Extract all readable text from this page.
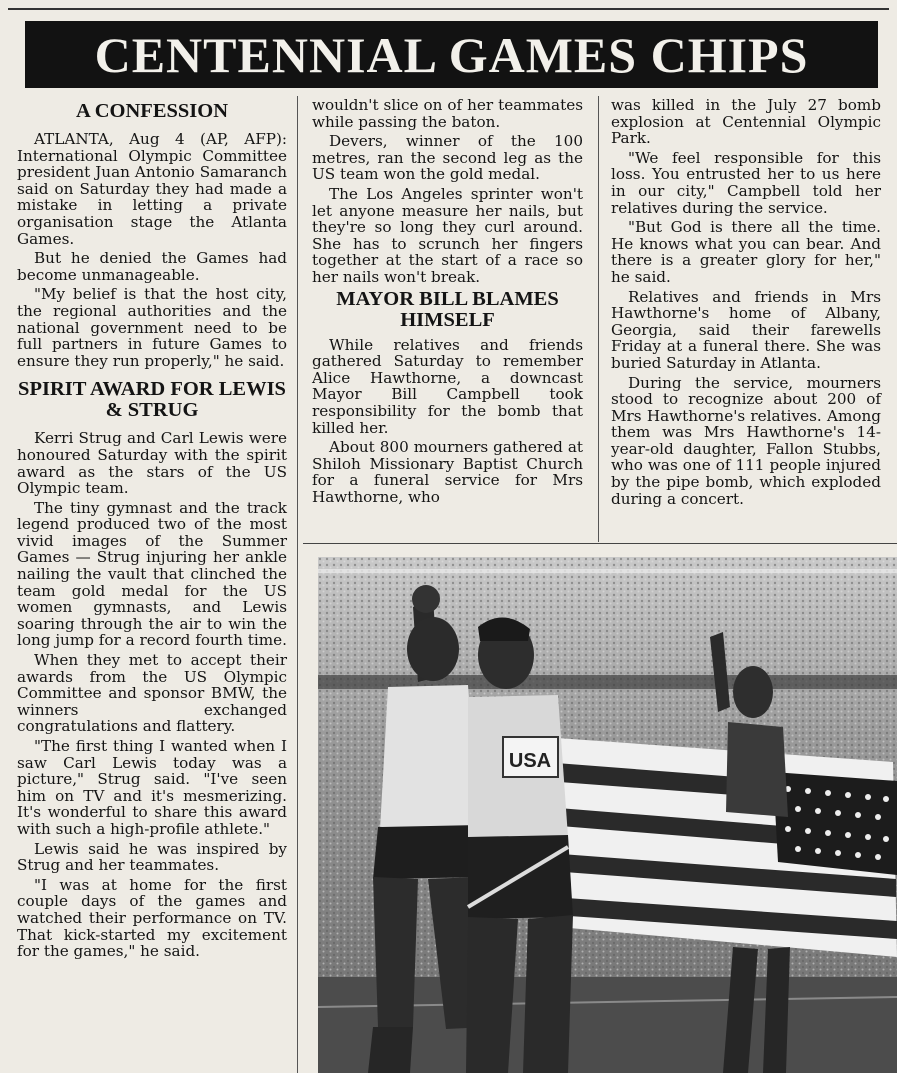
CENTENNIAL GAMES CHIPS
A CONFESSION

ATLANTA, Aug 4 (AP, AFP): International Olympic Committee president Juan Antonio Samaranch said on Saturday they had made a mistake in letting a private organisation stage the Atlanta Games.

But he denied the Games had become unmanageable.

"My belief is that the host city, the regional authorities and the national government need to be full partners in future Games to ensure they run properly," he said.

SPIRIT AWARD FOR LEWIS & STRUG

Kerri Strug and Carl Lewis were honoured Saturday with the spirit award as the stars of the US Olympic team.

The tiny gymnast and the track legend produced two of the most vivid images of the Summer Games — Strug injuring her ankle nailing the vault that clinched the team gold medal for the US women gymnasts, and Lewis soaring through the air to win the long jump for a record fourth time.

When they met to accept their awards from the US Olympic Committee and sponsor BMW, the winners exchanged congratulations and flattery.

"The first thing I wanted when I saw Carl Lewis today was a picture," Strug said. "I've seen him on TV and it's mesmerizing. It's wonderful to share this award with such a high-profile athlete."

Lewis said he was inspired by Strug and her teammates.

"I was at home for the first couple days of the games and watched their performance on TV. That kick-started my excitement for the games," he said.

wouldn't slice on of her teammates while passing the baton.

Devers, winner of the 100 metres, ran the second leg as the US team won the gold medal.

The Los Angeles sprinter won't let anyone measure her nails, but they're so long they curl around. She has to scrunch her fingers together at the start of a race so her nails won't break.

MAYOR BILL BLAMES HIMSELF

While relatives and friends gathered Saturday to remember Alice Hawthorne, a downcast Mayor Bill Campbell took responsibility for the bomb that killed her.

About 800 mourners gathered at Shiloh Missionary Baptist Church for a funeral service for Mrs Hawthorne, who

was killed in the July 27 bomb explosion at Centennial Olympic Park.

"We feel responsible for this loss. You entrusted her to us here in our city," Campbell told her relatives during the service.

"But God is there all the time. He knows what you can bear. And there is a greater glory for her," he said.

Relatives and friends in Mrs Hawthorne's home of Albany, Georgia, said their farewells Friday at a funeral there. She was buried Saturday in Atlanta.

During the service, mourners stood to recognize about 200 of Mrs Hawthorne's relatives. Among them was Mrs Hawthorne's 14-year-old daughter, Fallon Stubbs, who was one of 111 people injured by the pipe bomb, which exploded during a concert.

USA
